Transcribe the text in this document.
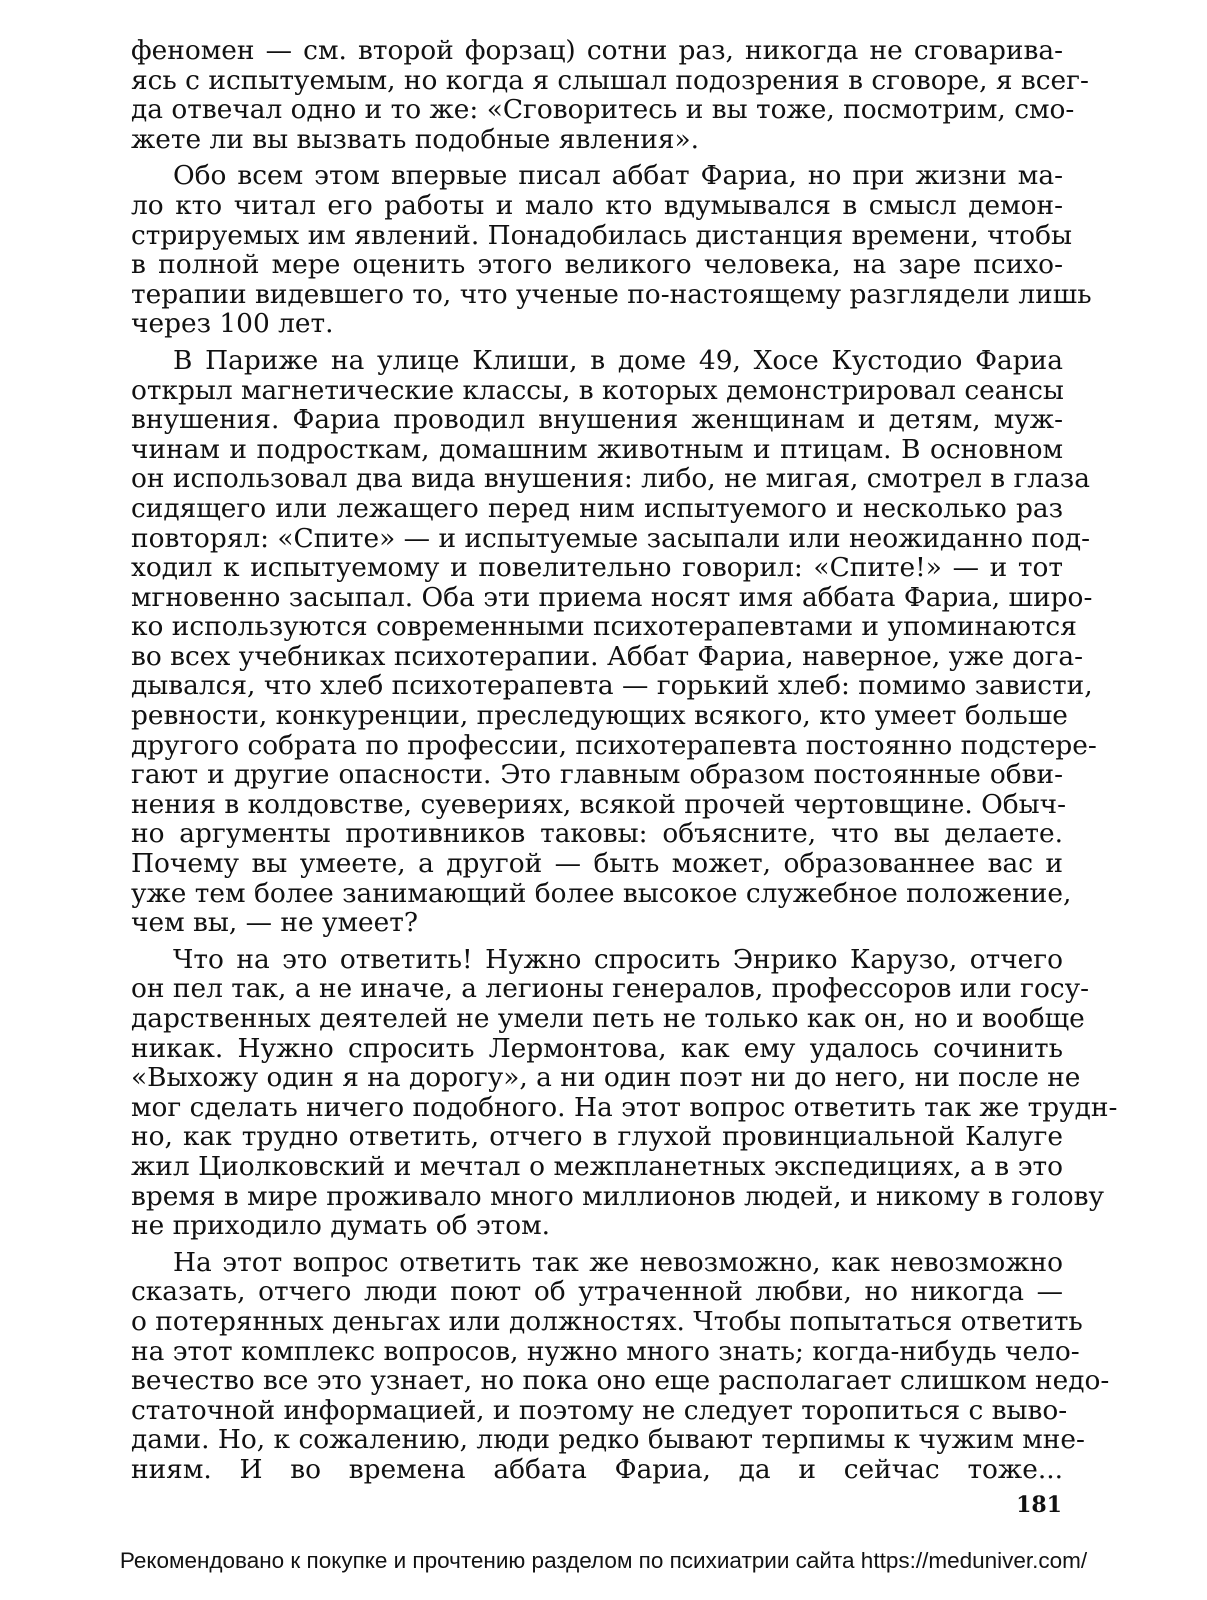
феномен — см. второй форзац) сотни раз, никогда не сговарива-
ясь с испытуемым, но когда я слышал подозрения в сговоре, я всег-
да отвечал одно и то же: «Сговоритесь и вы тоже, посмотрим, смо-
жете ли вы вызвать подобные явления».

Обо всем этом впервые писал аббат Фариа, но при жизни ма-
ло кто читал его работы и мало кто вдумывался в смысл демон-
стрируемых им явлений. Понадобилась дистанция времени, чтобы
в полной мере оценить этого великого человека, на заре психо-
терапии видевшего то, что ученые по-настоящему разглядели лишь
через 100 лет.

В Париже на улице Клиши, в доме 49, Хосе Кустодио Фариа
открыл магнетические классы, в которых демонстрировал сеансы
внушения. Фариа проводил внушения женщинам и детям, муж-
чинам и подросткам, домашним животным и птицам. В основном
он использовал два вида внушения: либо, не мигая, смотрел в глаза
сидящего или лежащего перед ним испытуемого и несколько раз
повторял: «Спите» — и испытуемые засыпали или неожиданно под-
ходил к испытуемому и повелительно говорил: «Спите!» — и тот
мгновенно засыпал. Оба эти приема носят имя аббата Фариа, широ-
ко используются современными психотерапевтами и упоминаются
во всех учебниках психотерапии. Аббат Фариа, наверное, уже дога-
дывался, что хлеб психотерапевта — горький хлеб: помимо зависти,
ревности, конкуренции, преследующих всякого, кто умеет больше
другого собрата по профессии, психотерапевта постоянно подстере-
гают и другие опасности. Это главным образом постоянные обви-
нения в колдовстве, суевериях, всякой прочей чертовщине. Обыч-
но аргументы противников таковы: объясните, что вы делаете.
Почему вы умеете, а другой — быть может, образованнее вас и
уже тем более занимающий более высокое служебное положение,
чем вы, — не умеет?

Что на это ответить! Нужно спросить Энрико Карузо, отчего
он пел так, а не иначе, а легионы генералов, профессоров или госу-
дарственных деятелей не умели петь не только как он, но и вообще
никак. Нужно спросить Лермонтова, как ему удалось сочинить
«Выхожу один я на дорогу», а ни один поэт ни до него, ни после не
мог сделать ничего подобного. На этот вопрос ответить так же трудн-
но, как трудно ответить, отчего в глухой провинциальной Калуге
жил Циолковский и мечтал о межпланетных экспедициях, а в это
время в мире проживало много миллионов людей, и никому в голову
не приходило думать об этом.

На этот вопрос ответить так же невозможно, как невозможно
сказать, отчего люди поют об утраченной любви, но никогда —
о потерянных деньгах или должностях. Чтобы попытаться ответить
на этот комплекс вопросов, нужно много знать; когда-нибудь чело-
вечество все это узнает, но пока оно еще располагает слишком недо-
статочной информацией, и поэтому не следует торопиться с выво-
дами. Но, к сожалению, люди редко бывают терпимы к чужим мне-
ниям. И во времена аббата Фариа, да и сейчас тоже...

181
Рекомендовано к покупке и прочтению разделом по психиатрии сайта https://meduniver.com/
